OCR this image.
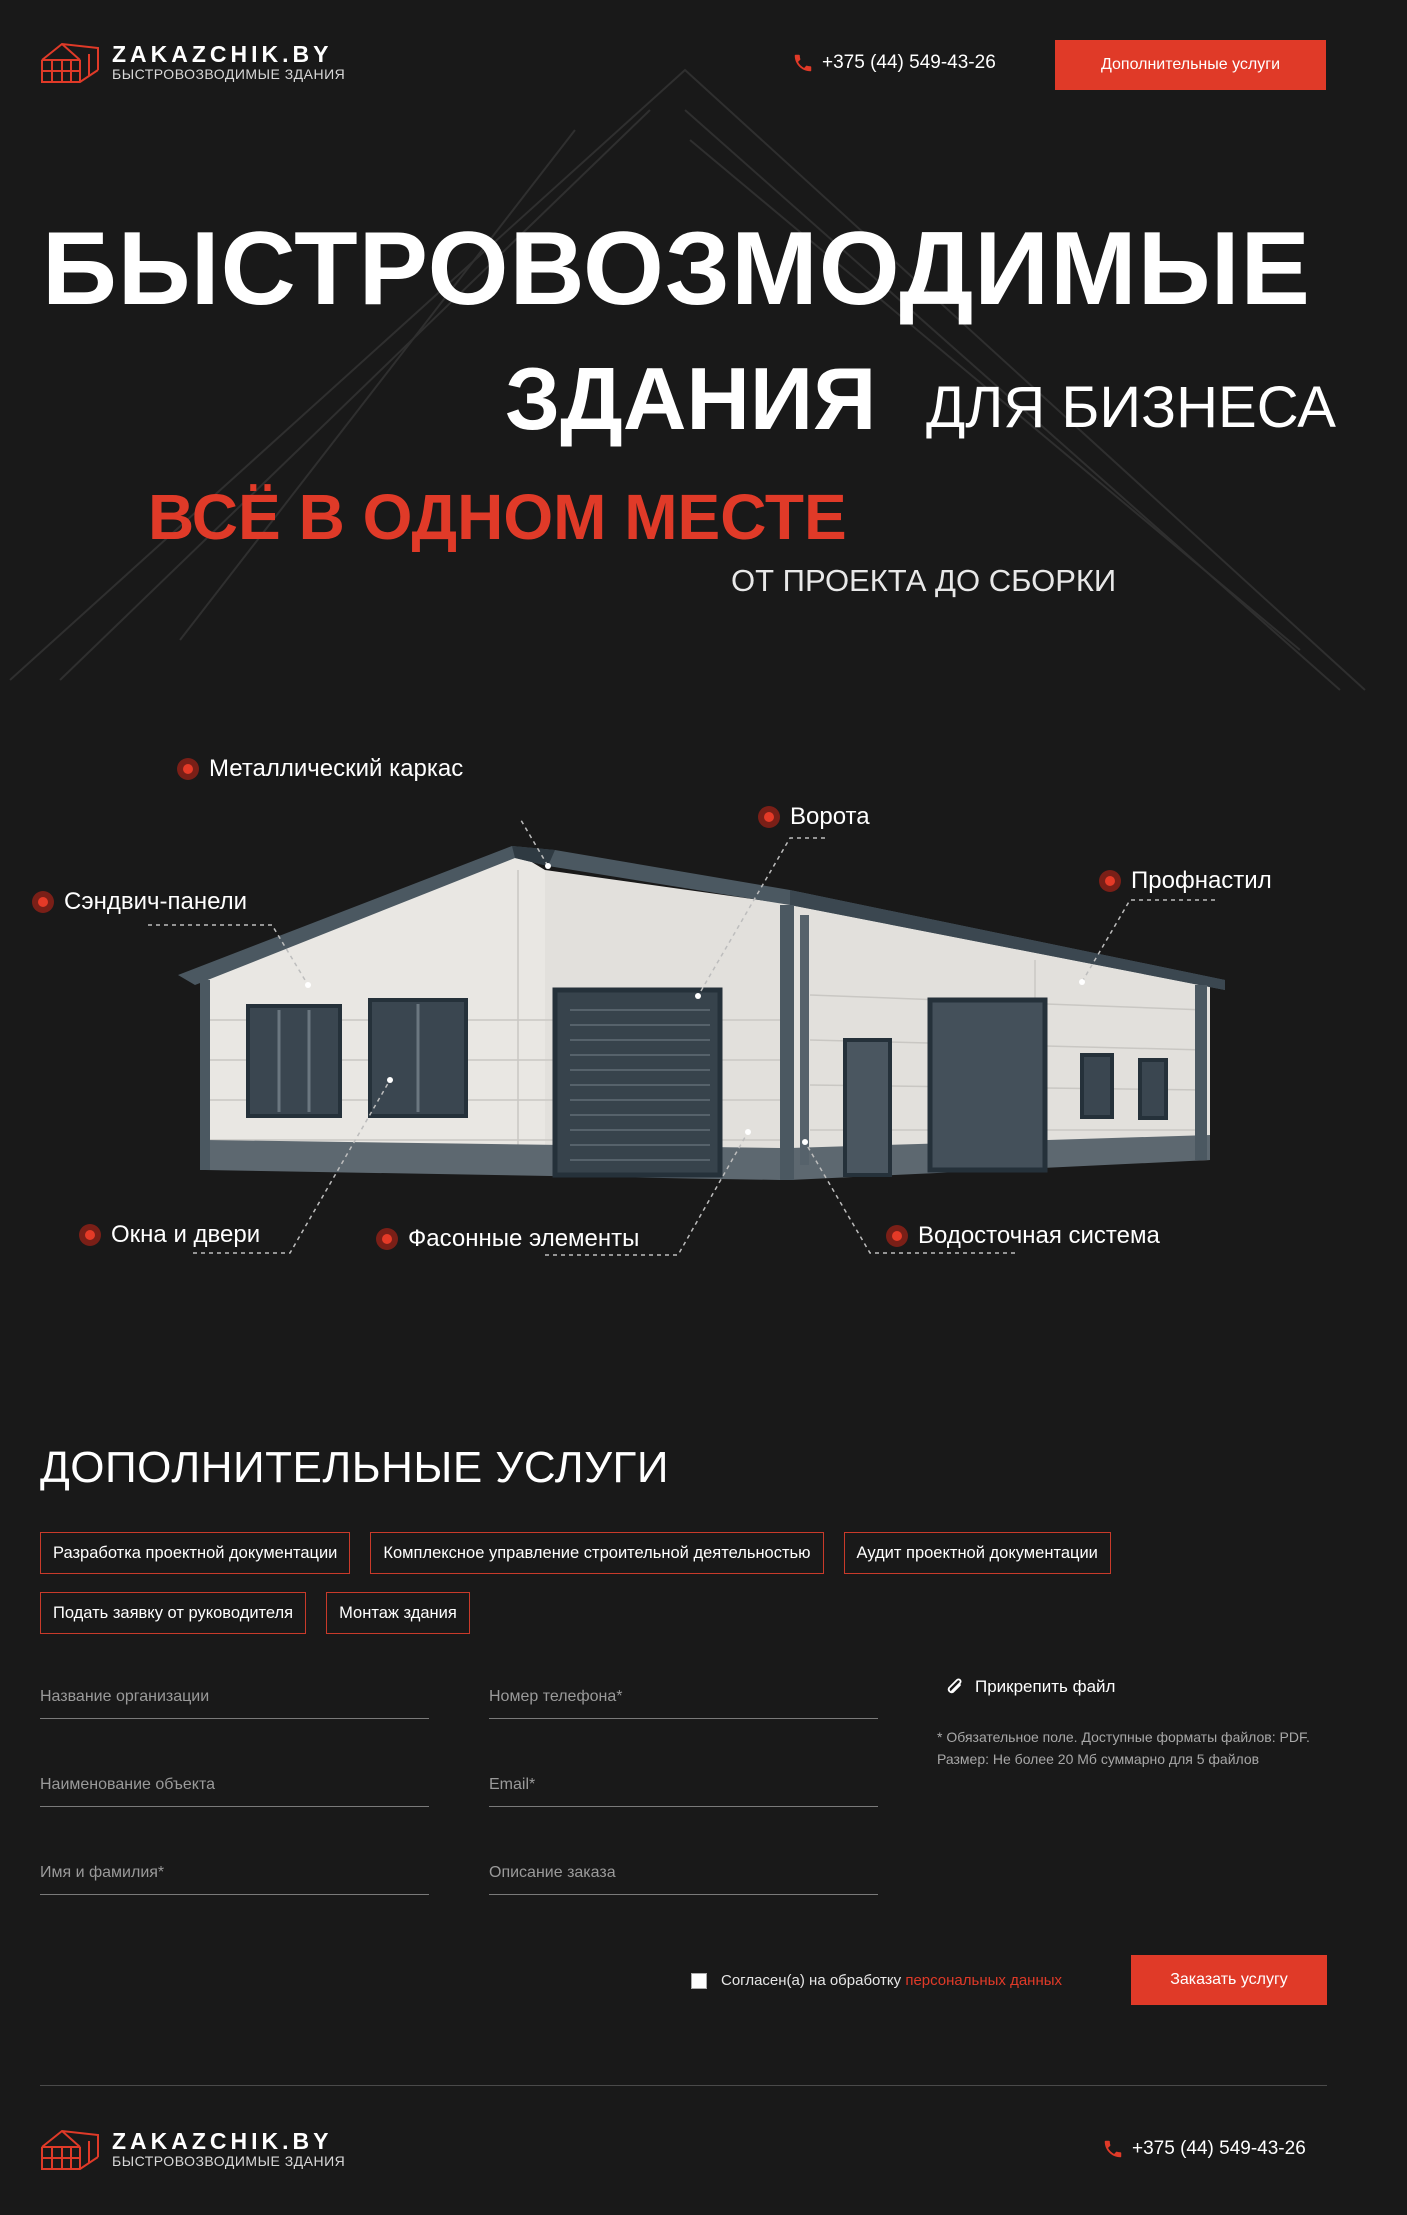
ZAKAZCHIK.BY
БЫСТРОВОЗВОДИМЫЕ ЗДАНИЯ
+375 (44) 549-43-26	Дополнительные услуги
БЫСТРОВОЗМОДИМЫЕ
ЗДАНИЯ ДЛЯ БИЗНЕСА
ВСЁ В ОДНОМ МЕСТЕ
ОТ ПРОЕКТА ДО СБОРКИ
Металлический каркас
Ворота
Сэндвич-панели
Профнастил
Окна и двери	Фасонные элементы	Водосточная система
ДОПОЛНИТЕЛЬНЫЕ УСЛУГИ
Разработка проектной документации	Комплексное управление строительной деятельностью	Аудит проектной документации
Подать заявку от руководителя	Монтаж здания
Название организации
Номер телефона*
Наименование объекта
Email*
Имя и фамилия*
Описание заказа
Прикрепить файл
* Обязательное поле. Доступные форматы файлов: PDF.
Размер: Не более 20 Мб суммарно для 5 файлов
Согласен(а) на обработку персональных данных	Заказать услугу
ZAKAZCHIK.BY
БЫСТРОВОЗВОДИМЫЕ ЗДАНИЯ
+375 (44) 549-43-26
